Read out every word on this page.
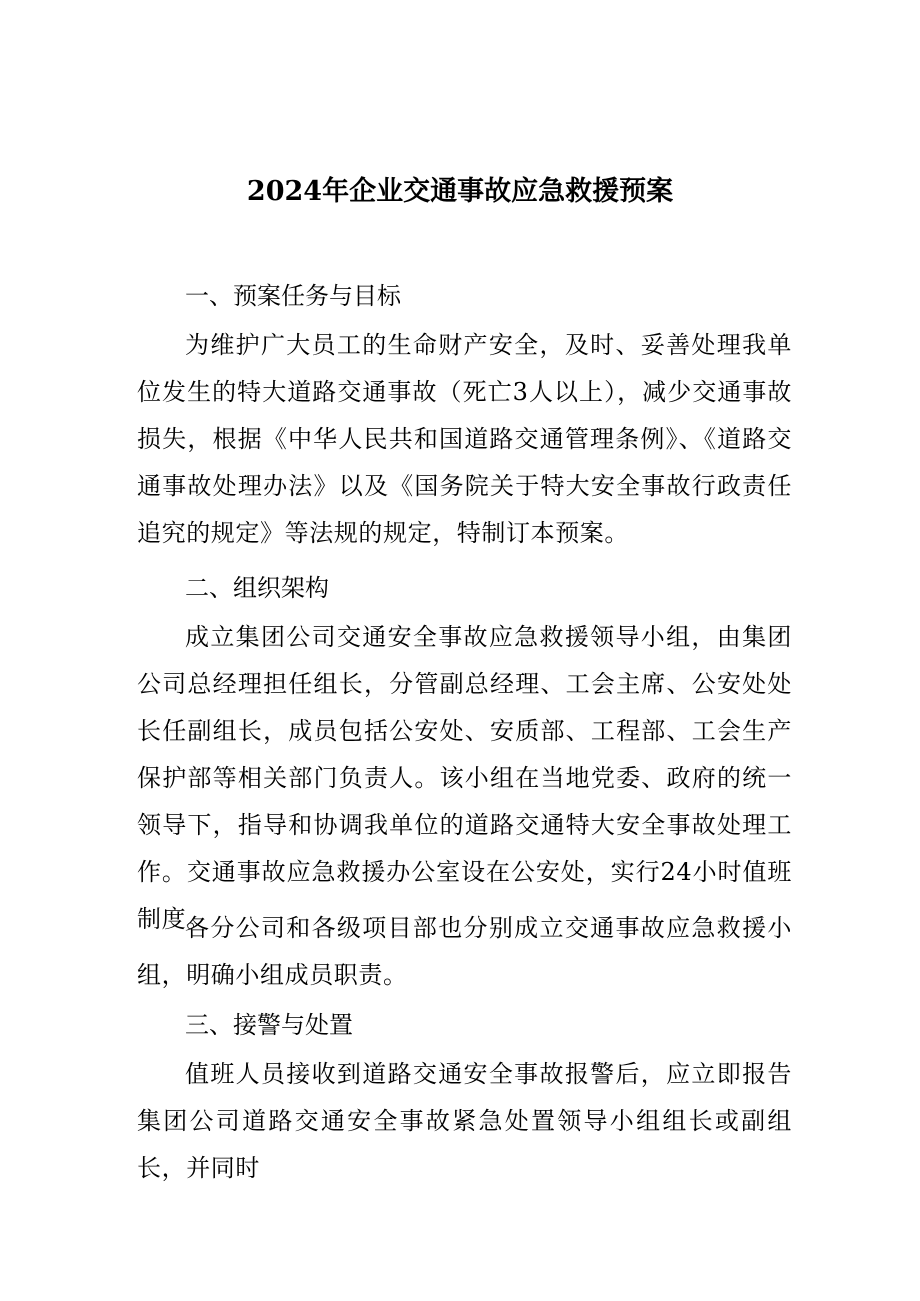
2024年企业交通事故应急救援预案
一、预案任务与目标
为维护广大员工的生命财产安全，及时、妥善处理我单位发生的特大道路交通事故（死亡3人以上），减少交通事故损失，根据《中华人民共和国道路交通管理条例》、《道路交通事故处理办法》以及《国务院关于特大安全事故行政责任追究的规定》等法规的规定，特制订本预案。
二、组织架构
成立集团公司交通安全事故应急救援领导小组，由集团公司总经理担任组长，分管副总经理、工会主席、公安处处长任副组长，成员包括公安处、安质部、工程部、工会生产保护部等相关部门负责人。该小组在当地党委、政府的统一领导下，指导和协调我单位的道路交通特大安全事故处理工作。交通事故应急救援办公室设在公安处，实行24小时值班制度。
各分公司和各级项目部也分别成立交通事故应急救援小组，明确小组成员职责。
三、接警与处置
值班人员接收到道路交通安全事故报警后，应立即报告集团公司道路交通安全事故紧急处置领导小组组长或副组长，并同时
